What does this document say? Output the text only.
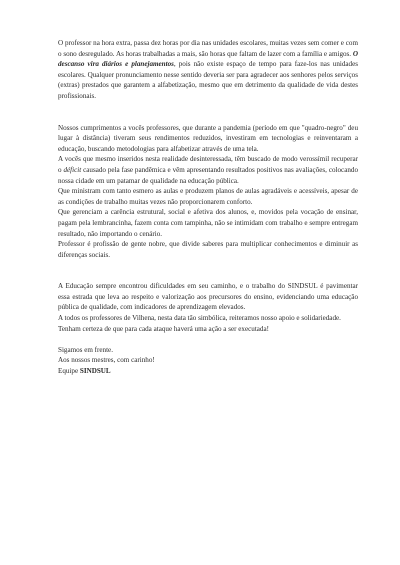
O professor na hora extra, passa dez horas por dia nas unidades escolares, muitas vezes sem comer e com o sono desregulado. As horas trabalhadas a mais, são horas que faltam de lazer com a família e amigos. O descanso vira diários e planejamentos, pois não existe espaço de tempo para faze-los nas unidades escolares. Qualquer pronunciamento nesse sentido deveria ser para agradecer aos senhores pelos serviços (extras) prestados que garantem a alfabetização, mesmo que em detrimento da qualidade de vida destes profissionais.

Nossos cumprimentos a vocês professores, que durante a pandemia (período em que "quadro-negro" deu lugar à distância) tiveram seus rendimentos reduzidos, investiram em tecnologias e reinventaram a educação, buscando metodologias para alfabetizar através de uma tela.

A vocês que mesmo inseridos nesta realidade desinteressada, têm buscado de modo verossímil recuperar o déficit causado pela fase pandêmica e vêm apresentando resultados positivos nas avaliações, colocando nossa cidade em um patamar de qualidade na educação pública.

Que ministram com tanto esmero as aulas e produzem planos de aulas agradáveis e acessíveis, apesar de as condições de trabalho muitas vezes não proporcionarem conforto.

Que gerenciam a carência estrutural, social e afetiva dos alunos, e, movidos pela vocação de ensinar, pagam pela lembrancinha, fazem conta com tampinha, não se intimidam com trabalho e sempre entregam resultado, não importando o cenário.

Professor é profissão de gente nobre, que divide saberes para multiplicar conhecimentos e diminuir as diferenças sociais.

A Educação sempre encontrou dificuldades em seu caminho, e o trabalho do SINDSUL é pavimentar essa estrada que leva ao respeito e valorização aos precursores do ensino, evidenciando uma educação pública de qualidade, com indicadores de aprendizagem elevados.

A todos os professores de Vilhena, nesta data tão simbólica, reiteramos nosso apoio e solidariedade.

Tenham certeza de que para cada ataque haverá uma ação a ser executada!

Sigamos em frente.

Aos nossos mestres, com carinho!

Equipe SINDSUL
